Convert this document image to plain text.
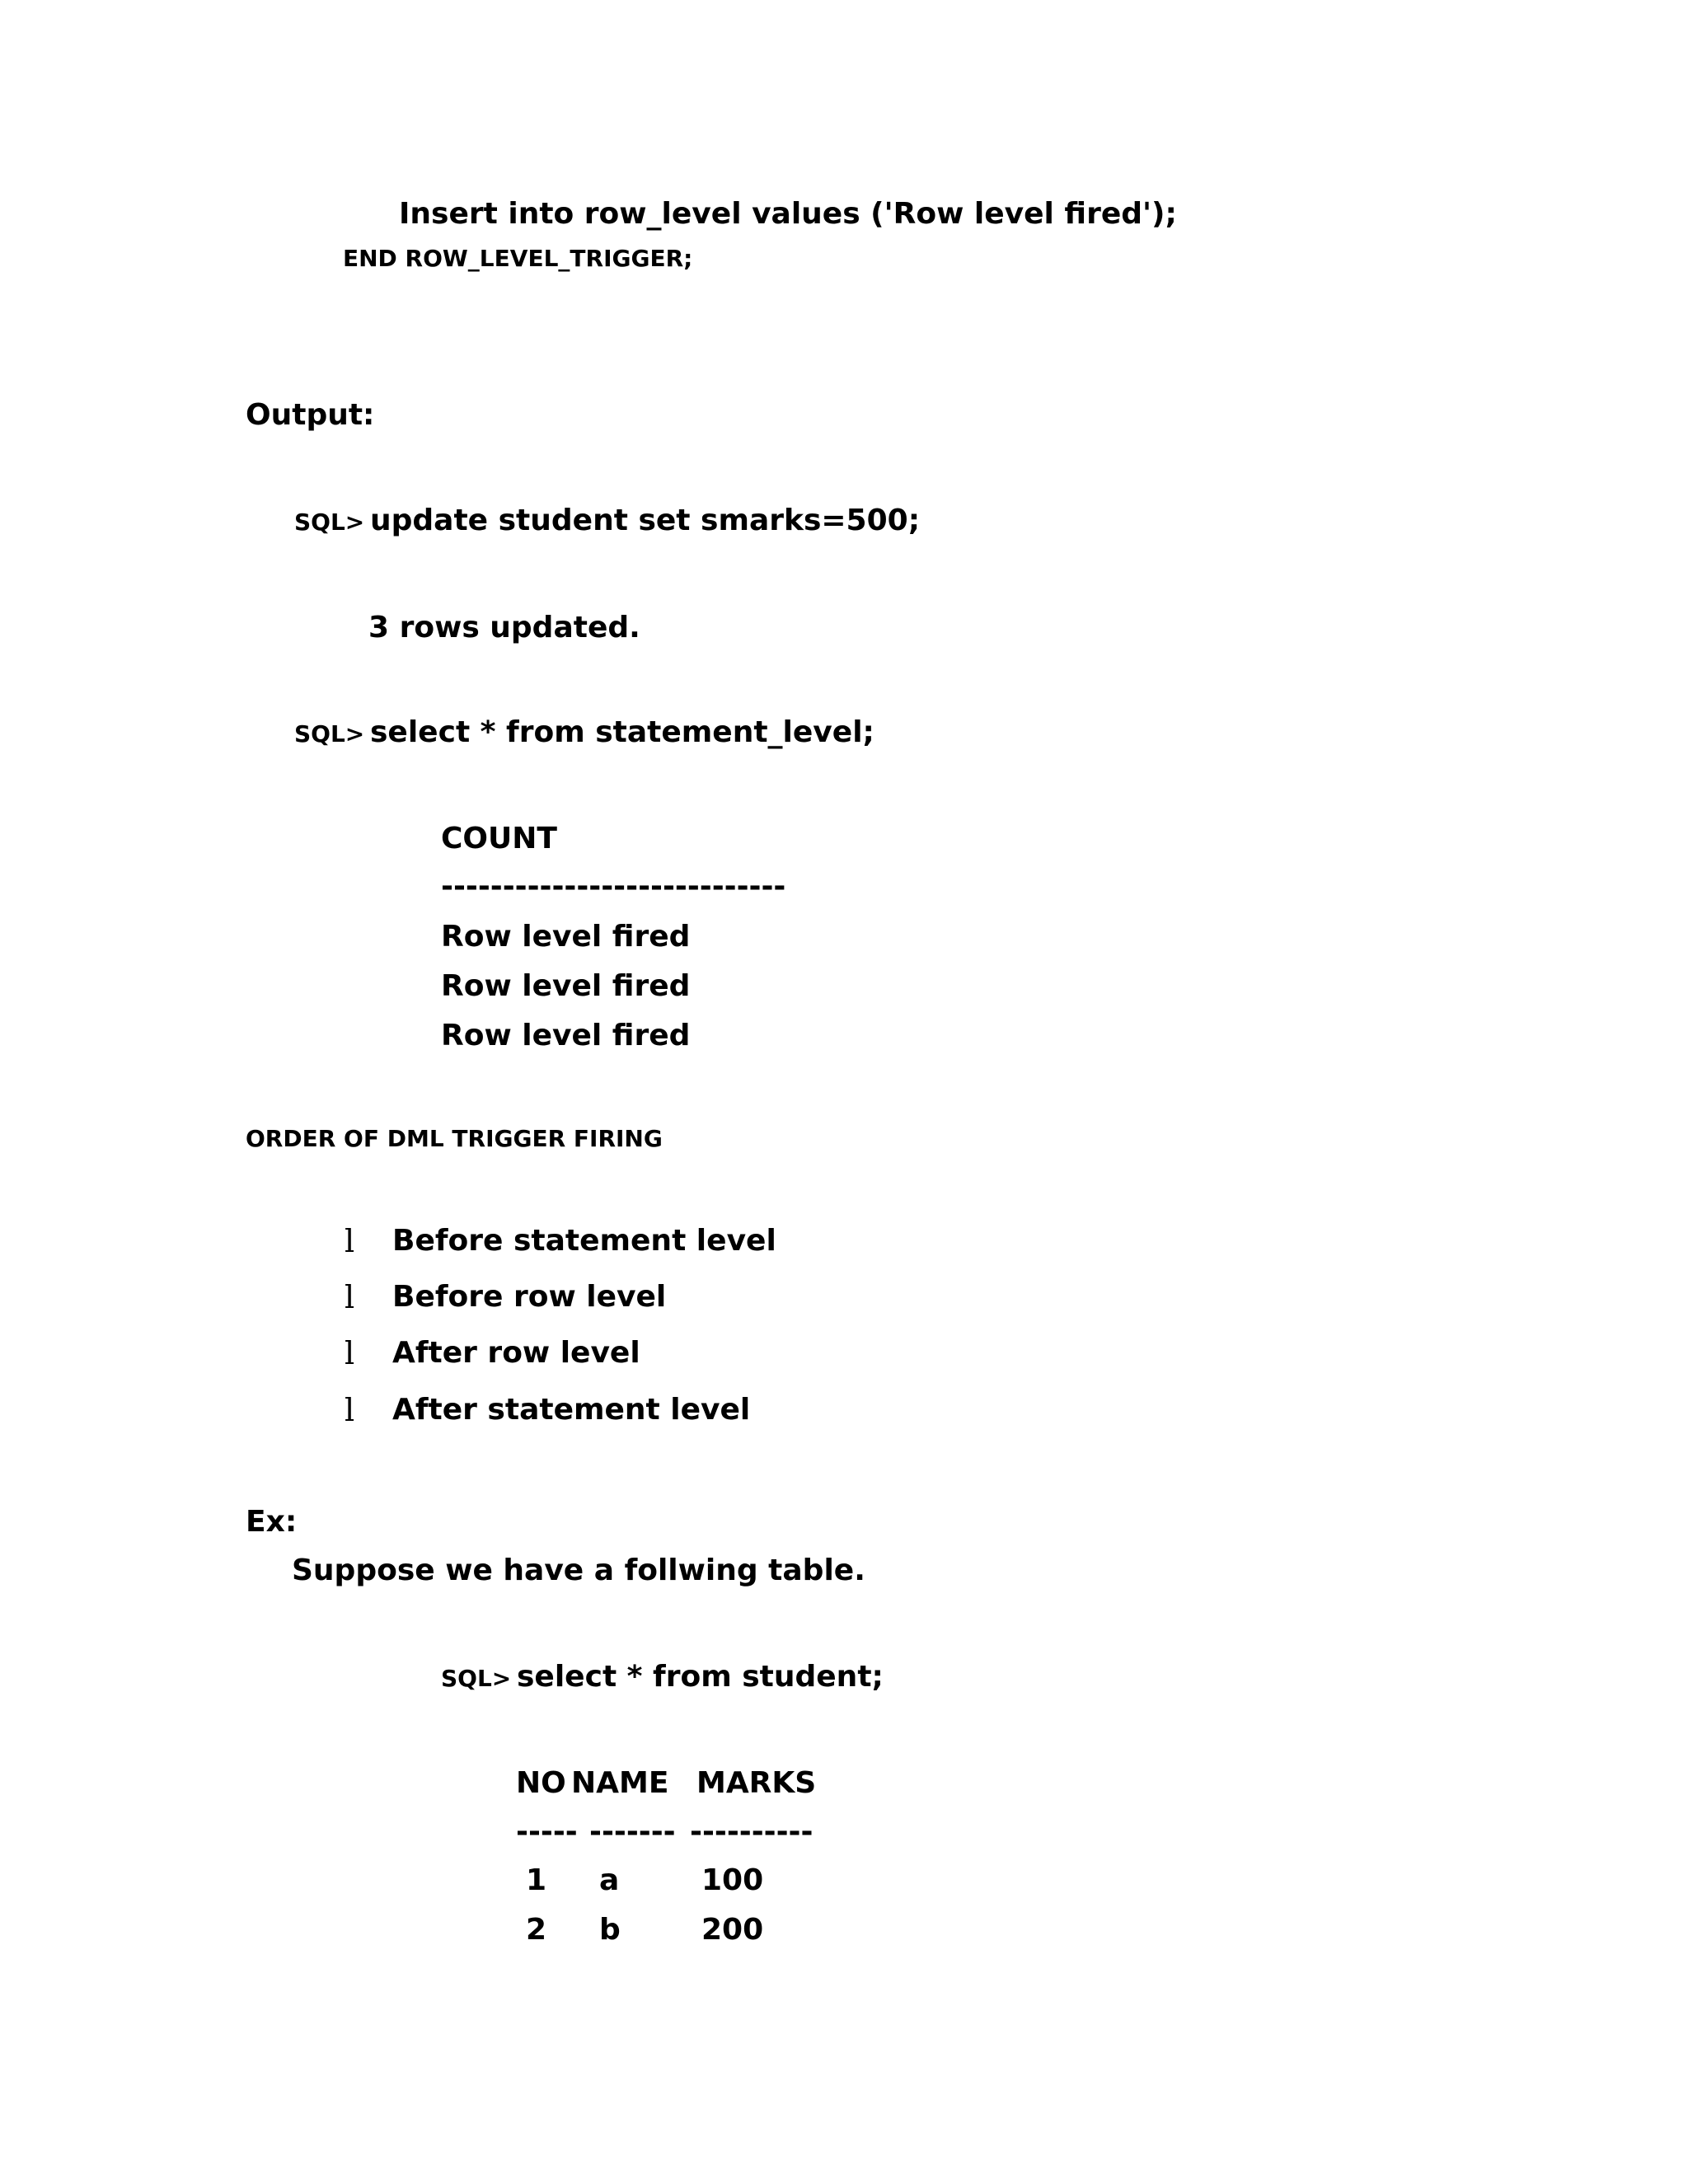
Insert into row_level values ('Row level fired');
END ROW_LEVEL_TRIGGER;
Output:
SQL> update student set smarks=500;
3 rows updated.
SQL> select * from statement_level;
COUNT
----------------------------
Row level fired
Row level fired
Row level fired
ORDER OF DML TRIGGER FIRING
l Before statement level
l Before row level
l After row level
l After statement level
Ex:
Suppose we have a follwing table.
SQL> select * from student;
NO NAME MARKS
----- ------- ----------
1 a	100
2 b	200
